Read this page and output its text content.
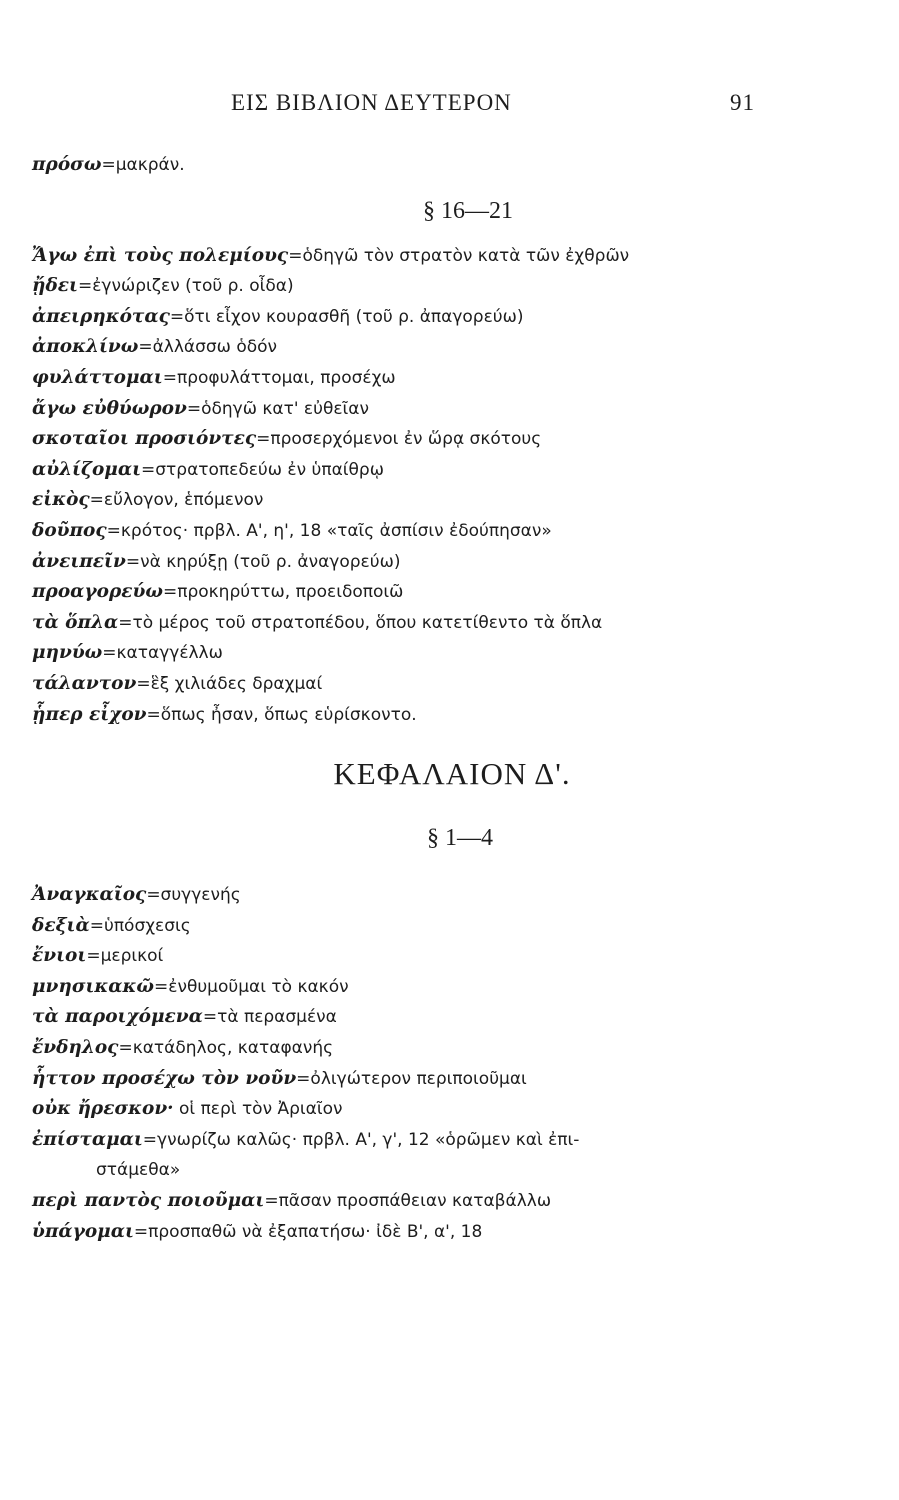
ΕΙΣ ΒΙΒΛΙΟΝ ΔΕΥΤΕΡΟΝ	91
πρόσω=μακράν.
§ 16—21
Ἄγω ἐπὶ τοὺς πολεμίους=ὁδηγῶ τὸν στρατὸν κατὰ τῶν ἐχθρῶν
ᾔδει=ἐγνώριζεν (τοῦ ρ. οἶδα)
ἀπειρηκότας=ὅτι εἶχον κουρασθῆ (τοῦ ρ. ἀπαγορεύω)
ἀποκλίνω=ἀλλάσσω ὁδόν
φυλάττομαι=προφυλάττομαι, προσέχω
ἄγω εὐθύωρον=ὁδηγῶ κατ' εὐθεῖαν
σκοταῖοι προσιόντες=προσερχόμενοι ἐν ὥρᾳ σκότους
αὐλίζομαι=στρατοπεδεύω ἐν ὑπαίθρῳ
εἰκὸς=εὔλογον, ἑπόμενον
δοῦπος=κρότος· πρβλ. Α', η', 18 «ταῖς ἀσπίσιν ἐδούπησαν»
ἀνειπεῖν=νὰ κηρύξῃ (τοῦ ρ. ἀναγορεύω)
προαγορεύω=προκηρύττω, προειδοποιῶ
τὰ ὅπλα=τὸ μέρος τοῦ στρατοπέδου, ὅπου κατετίθεντο τὰ ὅπλα
μηνύω=καταγγέλλω
τάλαντον=ἓξ χιλιάδες δραχμαί
ᾗπερ εἶχον=ὅπως ἦσαν, ὅπως εὑρίσκοντο.
ΚΕΦΑΛΑΙΟΝ Δ'.
§ 1—4
Ἀναγκαῖος=συγγενής
δεξιὰ=ὑπόσχεσις
ἔνιοι=μερικοί
μνησικακῶ=ἐνθυμοῦμαι τὸ κακόν
τὰ παροιχόμενα=τὰ περασμένα
ἔνδηλος=κατάδηλος, καταφανής
ἧττον προσέχω τὸν νοῦν=ὀλιγώτερον περιποιοῦμαι
οὐκ ἤρεσκον· οἱ περὶ τὸν Ἀριαῖον
ἐπίσταμαι=γνωρίζω καλῶς· πρβλ. Α', γ', 12 «ὁρῶμεν καὶ ἐπι-
στάμεθα»
περὶ παντὸς ποιοῦμαι=πᾶσαν προσπάθειαν καταβάλλω
ὑπάγομαι=προσπαθῶ νὰ ἐξαπατήσω· ἰδὲ Β', α', 18
